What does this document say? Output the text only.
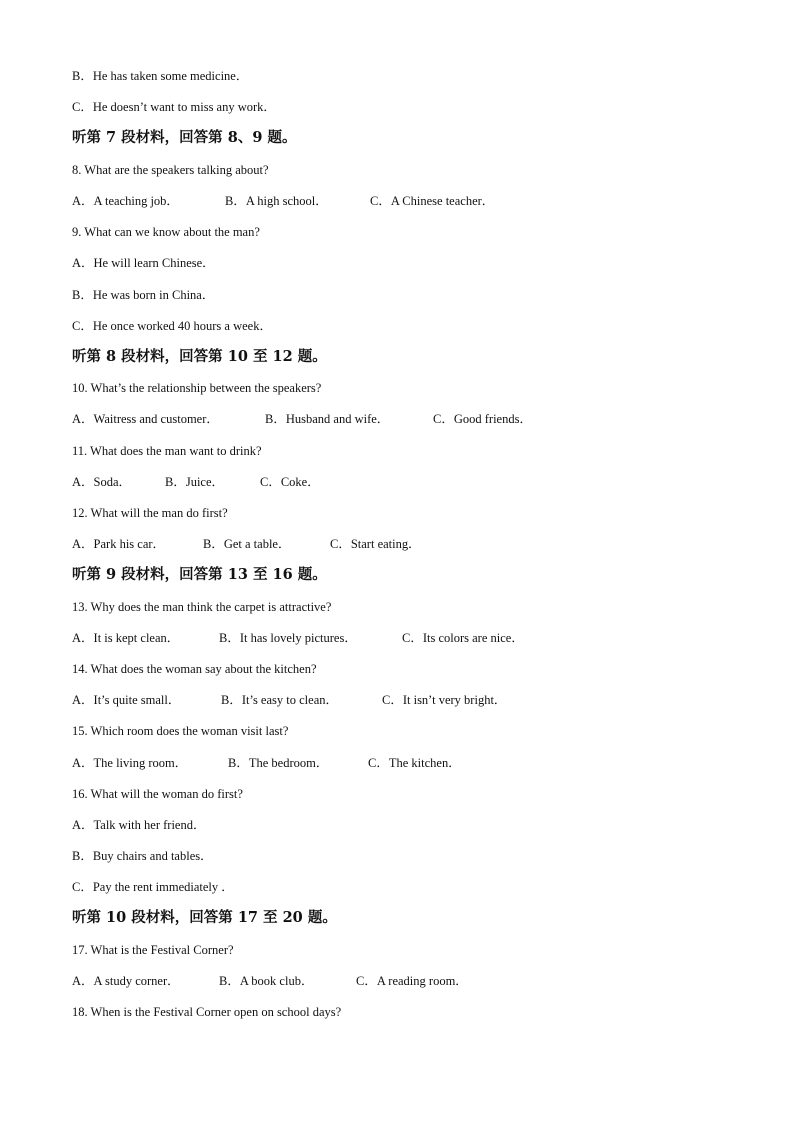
B．He has taken some medicine．
C．He doesn’t want to miss any work．
听第 7 段材料，回答第 8、9 题。
8. What are the speakers talking about?
A．A teaching job．	B．A high school．	C．A Chinese teacher．
9. What can we know about the man?
A．He will learn Chinese．
B．He was born in China．
C．He once worked 40 hours a week．
听第 8 段材料，回答第 10 至 12 题。
10. What’s the relationship between the speakers?
A．Waitress and customer．	B．Husband and wife．	C．Good friends．
11. What does the man want to drink?
A．Soda．	B．Juice．	C．Coke．
12. What will the man do first?
A．Park his car．	B．Get a table．	C．Start eating．
听第 9 段材料，回答第 13 至 16 题。
13. Why does the man think the carpet is attractive?
A．It is kept clean．	B．It has lovely pictures．	C．Its colors are nice．
14. What does the woman say about the kitchen?
A．It’s quite small．	B．It’s easy to clean．	C．It isn’t very bright．
15. Which room does the woman visit last?
A．The living room．	B．The bedroom．	C．The kitchen．
16. What will the woman do first?
A．Talk with her friend．
B．Buy chairs and tables．
C．Pay the rent immediately ．
听第 10 段材料，回答第 17 至 20 题。
17. What is the Festival Corner?
A．A study corner．	B．A book club．	C．A reading room．
18. When is the Festival Corner open on school days?
